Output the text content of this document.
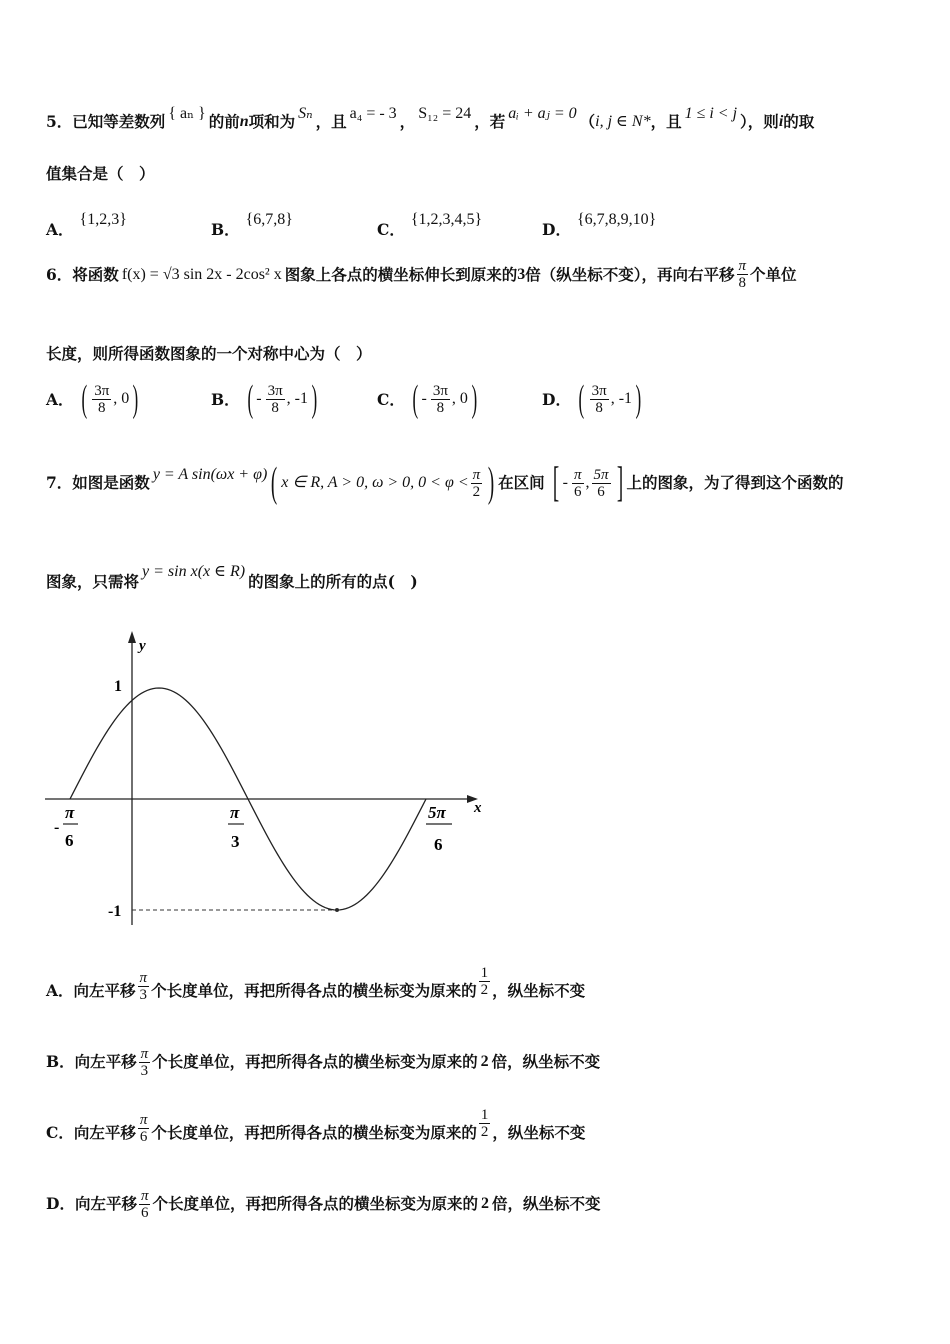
5． 已知等差数列 { aₙ } 的前 n 项和为 Sₙ ，且 a₄ = - 3 ， S₁₂ = 24 ，若 aᵢ + aⱼ = 0 （ i, j ∈ N* ，且 1 ≤ i < j ），则 i 的取
值集合是（　）
A．
{1,2,3}
B．
{6,7,8}
C．
{1,2,3,4,5}
D．
{6,7,8,9,10}
6． 将函数 f(x) = √3 sin 2x - 2cos² x 图象上各点的横坐标伸长到原来的 3 倍（纵坐标不变），再向右平移 $\frac{\pi}{8}$ 个单位
长度，则所得函数图象的一个对称中心为（　）
A． ( $\frac{3\pi}{8}$ , 0 )	B． ( - $\frac{3\pi}{8}$ , -1 )	C． ( - $\frac{3\pi}{8}$ , 0 )	D． ( $\frac{3\pi}{8}$ , -1 )
7． 如图是函数 y = A sin(ωx + φ) ( x ∈ R, A > 0, ω > 0, $0 < \varphi < \frac{\pi}{2}$ ) 在区间 [ - $\frac{\pi}{6}$ , $\frac{5\pi}{6}$ ] 上的图象，为了得到这个函数的
图象，只需将
y = sin x(x ∈ R)
的图象上的所有的点(　)
y
x
1
-1
-
π
6
π
3
5π
6
A． 向左平移 $\frac{\pi}{3}$ 个长度单位，再把所得各点的横坐标变为原来的 $\frac{1}{2}$ ，纵坐标不变
B． 向左平移 $\frac{\pi}{3}$ 个长度单位，再把所得各点的横坐标变为原来的 2 倍，纵坐标不变
C． 向左平移 $\frac{\pi}{6}$ 个长度单位，再把所得各点的横坐标变为原来的 $\frac{1}{2}$ ，纵坐标不变
D． 向左平移 $\frac{\pi}{6}$ 个长度单位，再把所得各点的横坐标变为原来的 2 倍，纵坐标不变
